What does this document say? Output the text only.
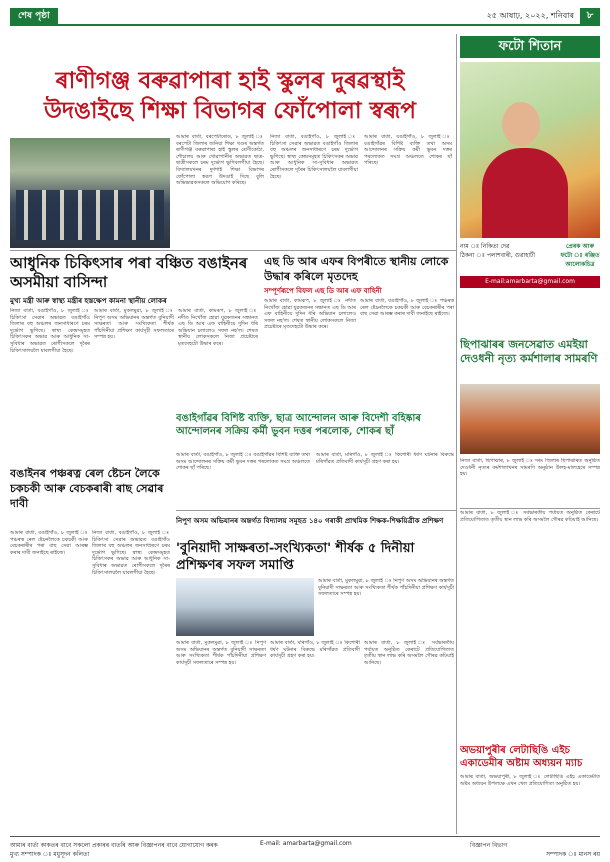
শেষ পৃষ্ঠা	২৫ আষাঢ়, ২০২২, শনিবাৰ	৮
ৰাণীগঞ্জ বৰুৱাপাৰা হাই স্কুলৰ দুৰৱস্থাই
উদঙাইছে শিক্ষা বিভাগৰ ফোঁপোলা স্বৰূপ

আমাৰ বাৰ্তা, বৰপেটাৰোড, ৮ জুলাই ঃ বৰপেটা জিলাৰ জনিয়া শিক্ষা খণ্ডৰ অন্তৰ্গত ৰাণীগঞ্জ বৰুৱাপাৰা হাই স্কুলৰ শ্ৰেণীকোঠা, শৌচালয় আৰু খোৱাপানীৰ অভাৱত ছাত্ৰ-ছাত্ৰীসকলে চৰম দুৰ্ভোগ ভুগিবলগীয়া হৈছে। বিদ্যালয়খনৰ দুৰ্দশাই শিক্ষা বিভাগৰ ফোঁপোলা স্বৰূপ উদঙাই দিছে বুলি অভিভাৱকসকলে অভিযোগ কৰিছে।

নিজা বাৰ্তা, বঙাইগাঁও, ৮ জুলাই ঃ চিকিৎসা সেৱাৰ অভাৱত বঙাইগাঁও জিলাৰ বহু অঞ্চলৰ জনসাধাৰণে চৰম দুৰ্ভোগ ভুগিছে। স্বাস্থ্য কেন্দ্ৰসমূহত চিকিৎসকৰ অভাৱ আৰু আধুনিক সা-সুবিধাৰ অভাৱত ৰোগীসকলে দূৰৈৰ চিকিৎসালয়লৈ যাবলগীয়া হৈছে।

আমাৰ বাৰ্তা, বঙাইগাঁও, ৮ জুলাই ঃ বঙাইগাঁৱৰ বিশিষ্ট ব্যক্তি তথা অসম আন্দোলনৰ সক্ৰিয় কৰ্মী ভুবন দত্তৰ পৰলোকত সমগ্ৰ অঞ্চলতে শোকৰ ছাঁ পৰিছে।

ফটো শিতান
নাম ঃ নিকিতা দেৱ
ঠিকনা ঃ পলাশবাৰী, গুৱাহাটী
প্ৰেৰক আৰু ফটো ঃ ৰঞ্জিত আলোকচিত্ৰ
E-mail:amarbarta@gmail.com
আধুনিক চিকিৎসাৰ পৰা বঞ্চিত বঙাইনৰ অসমীয়া বাসিন্দা
মুখ্য মন্ত্ৰী আৰু স্বাস্থ্য মন্ত্ৰীৰ হস্তক্ষেপ কামনা স্থানীয় লোকৰ

নিজা বাৰ্তা, বঙাইগাঁও, ৮ জুলাই ঃ চিকিৎসা সেৱাৰ অভাৱত বঙাইগাঁও জিলাৰ বহু অঞ্চলৰ জনসাধাৰণে চৰম দুৰ্ভোগ ভুগিছে। স্বাস্থ্য কেন্দ্ৰসমূহত চিকিৎসকৰ অভাৱ আৰু আধুনিক সা-সুবিধাৰ অভাৱত ৰোগীসকলে দূৰৈৰ চিকিৎসালয়লৈ যাবলগীয়া হৈছে।

আমাৰ বাৰ্তা, মুকলমুৱা, ৮ জুলাই ঃ নিপুণ অসম অভিযানৰ অন্তৰ্গত বুনিয়াদী সাক্ষৰতা আৰু সংখ্যিকতা শীৰ্ষক পাঁচদিনীয়া প্ৰশিক্ষণ কাৰ্যসূচী সফলতাৰে সম্পন্ন হয়।

আমাৰ বাৰ্তা, কামৰূপ, ৮ জুলাই ঃ নদীত নিখোঁজ হোৱা যুৱকজনৰ সন্ধানত এছ ডি আৰ এফ বাহিনীয়ে দুদিন ধৰি অভিযান চলালেও সফল নহ'ল। শেষত স্থানীয় লোকসকলে নিজা প্ৰচেষ্টাৰে মৃতদেহটো উদ্ধাৰ কৰে।

এছ ডি আৰ এফৰ বিপৰীতে স্থানীয় লোকে উদ্ধাৰ কৰিলে মৃতদেহ
সম্পূৰ্ণৰূপে বিফল এছ ডি আৰ এফ বাহিনী

আমাৰ বাৰ্তা, কামৰূপ, ৮ জুলাই ঃ নদীত নিখোঁজ হোৱা যুৱকজনৰ সন্ধানত এছ ডি আৰ এফ বাহিনীয়ে দুদিন ধৰি অভিযান চলালেও সফল নহ'ল। শেষত স্থানীয় লোকসকলে নিজা প্ৰচেষ্টাৰে মৃতদেহটো উদ্ধাৰ কৰে।

আমাৰ বাৰ্তা, বঙাইগাঁও, ৮ জুলাই ঃ পঞ্চৰত্ন ৰেল ষ্টেচনলৈকে চকচকী আৰু বেচকৰাৰীৰ পৰা বাছ সেৱা আৰম্ভ কৰাৰ দাবী জনাইছে ৰাইজে।

ছিপাঝাৰৰ জনসেৱাত এমইয়া দেওধনী নৃত্য কৰ্মশালাৰ সামৰণি

নিজা বাৰ্তা, ছিপাঝাৰ, ৮ জুলাই ঃ দৰং জিলাৰ ছিপাঝাৰত অনুষ্ঠিত দেওধনী নৃত্যৰ কৰ্মশালাখনৰ সামৰণি অনুষ্ঠান উলহ-মালহেৰে সম্পন্ন হয়।

বঙাইগাঁৱৰ বিশিষ্ট ব্যক্তি, ছাত্ৰ আন্দোলন আৰু বিদেশী বহিষ্কাৰ আন্দোলনৰ সক্ৰিয় কৰ্মী ভুবন দত্তৰ পৰলোক, শোকৰ ছাঁ

আমাৰ বাৰ্তা, বঙাইগাঁও, ৮ জুলাই ঃ বঙাইগাঁৱৰ বিশিষ্ট ব্যক্তি তথা অসম আন্দোলনৰ সক্ৰিয় কৰ্মী ভুবন দত্তৰ পৰলোকত সমগ্ৰ অঞ্চলতে শোকৰ ছাঁ পৰিছে।

আমাৰ বাৰ্তা, মৰিগাঁও, ৮ জুলাই ঃ কিশোৰী ধৰ্ষণ ঘটনাৰ বিৰুদ্ধে মৰিগাঁৱত প্ৰতিবাদী কাৰ্যসূচী গ্ৰহণ কৰা হয়।

বঙাইনৰ পঞ্চৰত্ন ৰেল ষ্টেচন লৈকে চকচকী আৰু বেচকৰাৰী ৰাছ সেৱাৰ দাবী

আমাৰ বাৰ্তা, বঙাইগাঁও, ৮ জুলাই ঃ পঞ্চৰত্ন ৰেল ষ্টেচনলৈকে চকচকী আৰু বেচকৰাৰীৰ পৰা বাছ সেৱা আৰম্ভ কৰাৰ দাবী জনাইছে ৰাইজে।

নিজা বাৰ্তা, বঙাইগাঁও, ৮ জুলাই ঃ চিকিৎসা সেৱাৰ অভাৱত বঙাইগাঁও জিলাৰ বহু অঞ্চলৰ জনসাধাৰণে চৰম দুৰ্ভোগ ভুগিছে। স্বাস্থ্য কেন্দ্ৰসমূহত চিকিৎসকৰ অভাৱ আৰু আধুনিক সা-সুবিধাৰ অভাৱত ৰোগীসকলে দূৰৈৰ চিকিৎসালয়লৈ যাবলগীয়া হৈছে।

নিপুণ অসম অভিযানৰ অন্তৰ্গত বিদ্যালয় সমূহত ১৪০ গৰাকী প্ৰাথমিক শিক্ষক-শিক্ষয়িত্ৰীক প্ৰশিক্ষণ
'বুনিয়াদী সাক্ষৰতা-সংখ্যিকতা' শীৰ্ষক ৫ দিনীয়া প্ৰশিক্ষণৰ সফল সমাপ্তি

আমাৰ বাৰ্তা, মুকলমুৱা, ৮ জুলাই ঃ নিপুণ অসম অভিযানৰ অন্তৰ্গত বুনিয়াদী সাক্ষৰতা আৰু সংখ্যিকতা শীৰ্ষক পাঁচদিনীয়া প্ৰশিক্ষণ কাৰ্যসূচী সফলতাৰে সম্পন্ন হয়।

আমাৰ বাৰ্তা, মুকলমুৱা, ৮ জুলাই ঃ নিপুণ অসম অভিযানৰ অন্তৰ্গত বুনিয়াদী সাক্ষৰতা আৰু সংখ্যিকতা শীৰ্ষক পাঁচদিনীয়া প্ৰশিক্ষণ কাৰ্যসূচী সফলতাৰে সম্পন্ন হয়।

আমাৰ বাৰ্তা, মৰিগাঁও, ৮ জুলাই ঃ কিশোৰী ধৰ্ষণ ঘটনাৰ বিৰুদ্ধে মৰিগাঁৱত প্ৰতিবাদী কাৰ্যসূচী গ্ৰহণ কৰা হয়।

আমাৰ বাৰ্তা, ৮ জুলাই ঃ সৰ্বভাৰতীয় পৰ্যায়ত অনুষ্ঠিত কেৰাটে প্ৰতিযোগিতাত তৃতীয় স্থান লাভ কৰি অসমলৈ গৌৰৱ কঢ়িয়াই আনিছে।

অভয়াপুৰীৰ লেটাছিঙি এইচ একাডেমীৰ অষ্টাম অধ্যয়ন ম্যাচ

আমাৰ বাৰ্তা, অভয়াপুৰী, ৮ জুলাই ঃ লেটাছিঙি এইচ একাডেমীত অষ্টম অধ্যয়ন উপলক্ষে এখন খেল প্ৰতিযোগিতা অনুষ্ঠিত হয়।

আমাৰ বাৰ্তা, ৮ জুলাই ঃ সৰ্বভাৰতীয় পৰ্যায়ত অনুষ্ঠিত কেৰাটে প্ৰতিযোগিতাত তৃতীয় স্থান লাভ কৰি অসমলৈ গৌৰৱ কঢ়িয়াই আনিছে।

আমাৰ বাৰ্তা কাকতৰ বাবে সকলো প্ৰকাৰৰ বাতৰি আৰু বিজ্ঞাপনৰ বাবে যোগাযোগ কৰক	E-mail: amarbarta@gmail.com	বিজ্ঞাপন বিভাগ
মুখ্য সম্পাদক ঃ মধুসূদন কলিতা	সম্পাদক ঃ মানস ৰয়
